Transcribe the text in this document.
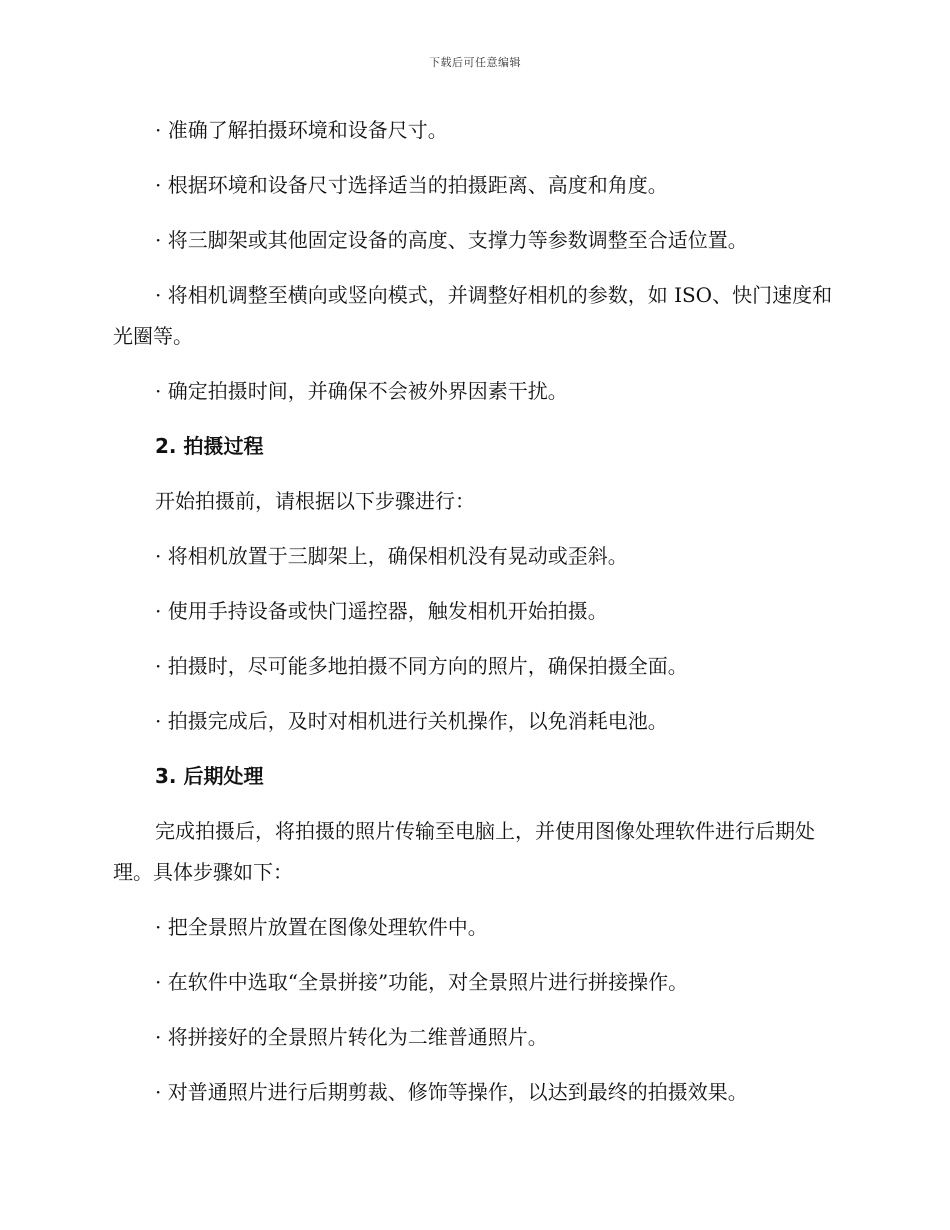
下载后可任意编辑

· 准确了解拍摄环境和设备尺寸。

· 根据环境和设备尺寸选择适当的拍摄距离、高度和角度。

· 将三脚架或其他固定设备的高度、支撑力等参数调整至合适位置。

· 将相机调整至横向或竖向模式，并调整好相机的参数，如 ISO、快门速度和光圈等。

· 确定拍摄时间，并确保不会被外界因素干扰。

2. 拍摄过程

开始拍摄前，请根据以下步骤进行：

· 将相机放置于三脚架上，确保相机没有晃动或歪斜。

· 使用手持设备或快门遥控器，触发相机开始拍摄。

· 拍摄时，尽可能多地拍摄不同方向的照片，确保拍摄全面。

· 拍摄完成后，及时对相机进行关机操作，以免消耗电池。

3. 后期处理

完成拍摄后，将拍摄的照片传输至电脑上，并使用图像处理软件进行后期处理。具体步骤如下：

· 把全景照片放置在图像处理软件中。

· 在软件中选取“全景拼接”功能，对全景照片进行拼接操作。

· 将拼接好的全景照片转化为二维普通照片。

· 对普通照片进行后期剪裁、修饰等操作，以达到最终的拍摄效果。
